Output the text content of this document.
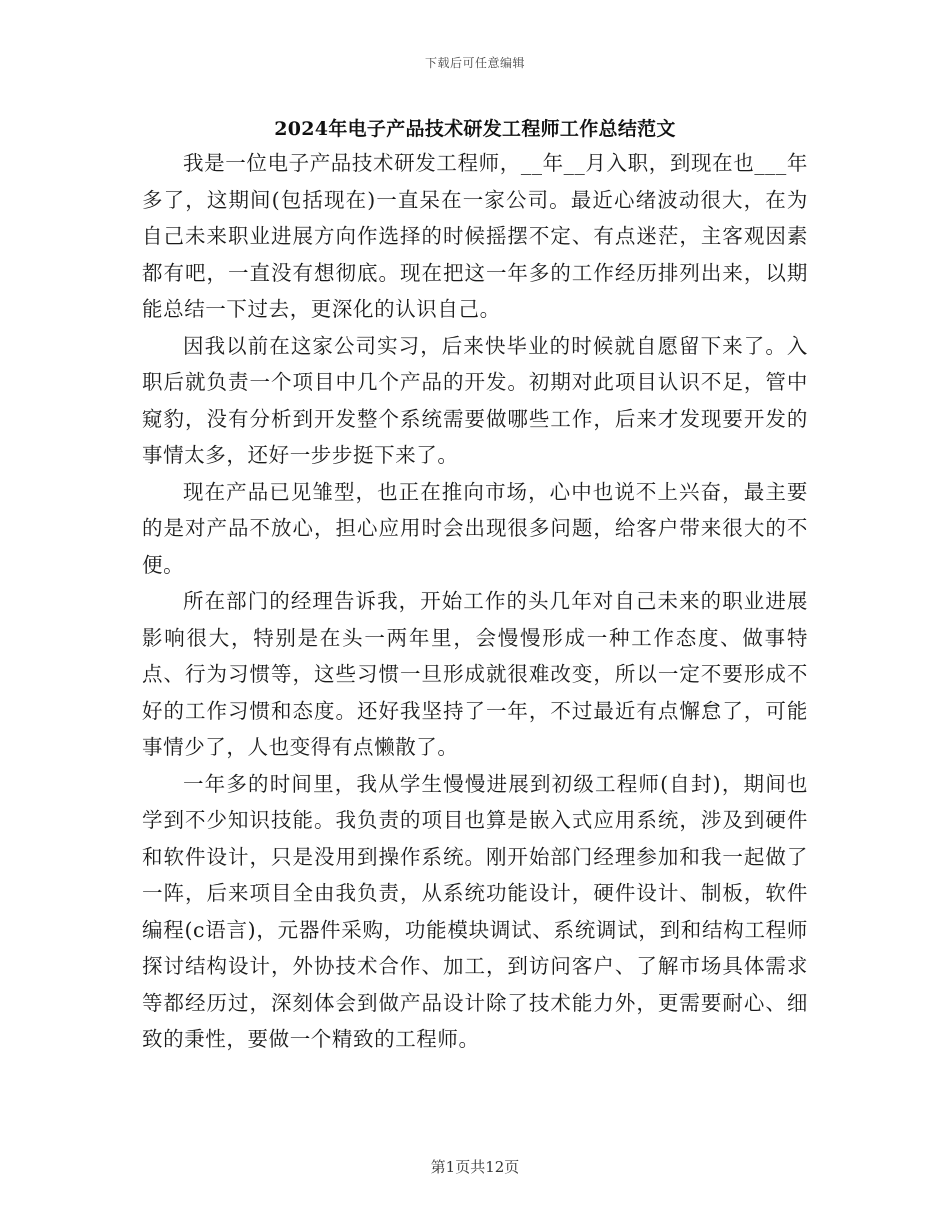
下载后可任意编辑
2024年电子产品技术研发工程师工作总结范文

我是一位电子产品技术研发工程师，__年__月入职，到现在也___年多了，这期间(包括现在)一直呆在一家公司。最近心绪波动很大，在为自己未来职业进展方向作选择的时候摇摆不定、有点迷茫，主客观因素都有吧，一直没有想彻底。现在把这一年多的工作经历排列出来，以期能总结一下过去，更深化的认识自己。

因我以前在这家公司实习，后来快毕业的时候就自愿留下来了。入职后就负责一个项目中几个产品的开发。初期对此项目认识不足，管中窥豹，没有分析到开发整个系统需要做哪些工作，后来才发现要开发的事情太多，还好一步步挺下来了。

现在产品已见雏型，也正在推向市场，心中也说不上兴奋，最主要的是对产品不放心，担心应用时会出现很多问题，给客户带来很大的不便。

所在部门的经理告诉我，开始工作的头几年对自己未来的职业进展影响很大，特别是在头一两年里，会慢慢形成一种工作态度、做事特点、行为习惯等，这些习惯一旦形成就很难改变，所以一定不要形成不好的工作习惯和态度。还好我坚持了一年，不过最近有点懈怠了，可能事情少了，人也变得有点懒散了。

一年多的时间里，我从学生慢慢进展到初级工程师(自封)，期间也学到不少知识技能。我负责的项目也算是嵌入式应用系统，涉及到硬件和软件设计，只是没用到操作系统。刚开始部门经理参加和我一起做了一阵，后来项目全由我负责，从系统功能设计，硬件设计、制板，软件编程(c语言)，元器件采购，功能模块调试、系统调试，到和结构工程师探讨结构设计，外协技术合作、加工，到访问客户、了解市场具体需求等都经历过，深刻体会到做产品设计除了技术能力外，更需要耐心、细致的秉性，要做一个精致的工程师。

第1页共12页
